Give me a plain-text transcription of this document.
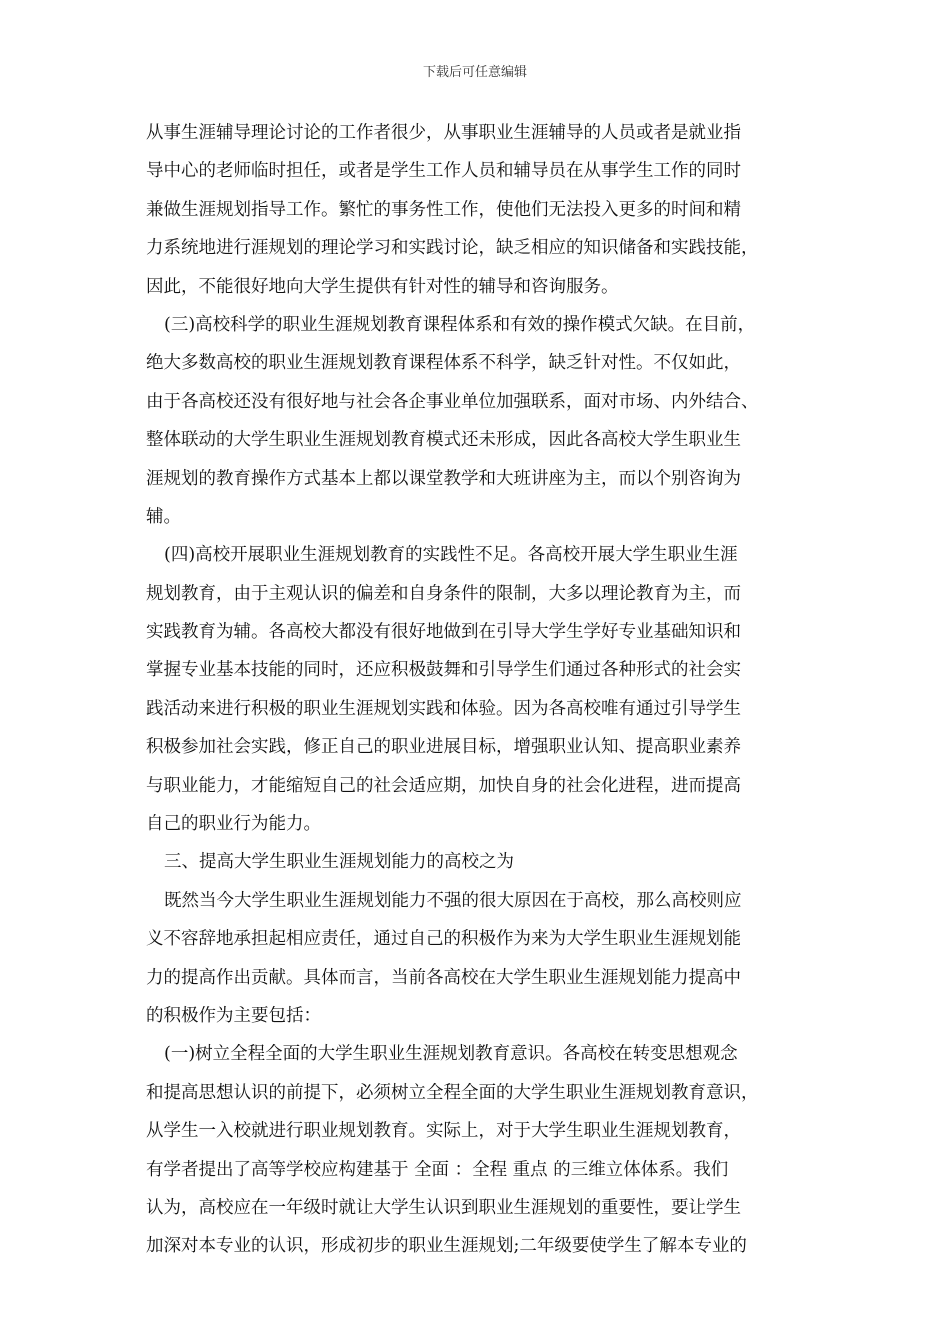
下载后可任意编辑
从事生涯辅导理论讨论的工作者很少，从事职业生涯辅导的人员或者是就业指
导中心的老师临时担任，或者是学生工作人员和辅导员在从事学生工作的同时
兼做生涯规划指导工作。繁忙的事务性工作，使他们无法投入更多的时间和精
力系统地进行涯规划的理论学习和实践讨论，缺乏相应的知识储备和实践技能，
因此，不能很好地向大学生提供有针对性的辅导和咨询服务。
(三)高校科学的职业生涯规划教育课程体系和有效的操作模式欠缺。在目前，
绝大多数高校的职业生涯规划教育课程体系不科学，缺乏针对性。不仅如此，
由于各高校还没有很好地与社会各企事业单位加强联系，面对市场、内外结合、
整体联动的大学生职业生涯规划教育模式还未形成，因此各高校大学生职业生
涯规划的教育操作方式基本上都以课堂教学和大班讲座为主，而以个别咨询为
辅。
(四)高校开展职业生涯规划教育的实践性不足。各高校开展大学生职业生涯
规划教育，由于主观认识的偏差和自身条件的限制，大多以理论教育为主，而
实践教育为辅。各高校大都没有很好地做到在引导大学生学好专业基础知识和
掌握专业基本技能的同时，还应积极鼓舞和引导学生们通过各种形式的社会实
践活动来进行积极的职业生涯规划实践和体验。因为各高校唯有通过引导学生
积极参加社会实践，修正自己的职业进展目标，增强职业认知、提高职业素养
与职业能力，才能缩短自己的社会适应期，加快自身的社会化进程，进而提高
自己的职业行为能力。
三、提高大学生职业生涯规划能力的高校之为
既然当今大学生职业生涯规划能力不强的很大原因在于高校，那么高校则应
义不容辞地承担起相应责任，通过自己的积极作为来为大学生职业生涯规划能
力的提高作出贡献。具体而言，当前各高校在大学生职业生涯规划能力提高中
的积极作为主要包括：
(一)树立全程全面的大学生职业生涯规划教育意识。各高校在转变思想观念
和提高思想认识的前提下，必须树立全程全面的大学生职业生涯规划教育意识，
从学生一入校就进行职业规划教育。实际上，对于大学生职业生涯规划教育，
有学者提出了高等学校应构建基于 全面 ：全程 重点 的三维立体体系。我们
认为，高校应在一年级时就让大学生认识到职业生涯规划的重要性，要让学生
加深对本专业的认识，形成初步的职业生涯规划;二年级要使学生了解本专业的
